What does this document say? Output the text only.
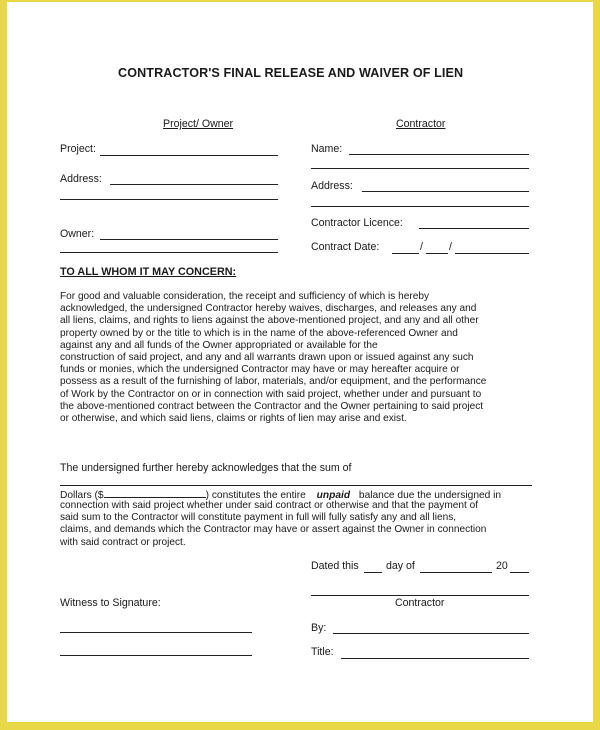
CONTRACTOR'S FINAL RELEASE AND WAIVER OF LIEN
Project/ Owner	Contractor
Project:
Address:
Owner:
Name:
Address:
Contractor Licence:
Contract Date:	/ /
TO ALL WHOM IT MAY CONCERN:
For good and valuable consideration, the receipt and sufficiency of which is hereby
acknowledged, the undersigned Contractor hereby waives, discharges, and releases any and
all liens, claims, and rights to liens against the above-mentioned project, and any and all other
property owned by or the title to which is in the name of the above-referenced Owner and
against any and all funds of the Owner appropriated or available for the
construction of said project, and any and all warrants drawn upon or issued against any such
funds or monies, which the undersigned Contractor may have or may hereafter acquire or
possess as a result of the furnishing of labor, materials, and/or equipment, and the performance
of Work by the Contractor on or in connection with said project, whether under and pursuant to
the above-mentioned contract between the Contractor and the Owner pertaining to said project
or otherwise, and which said liens, claims or rights of lien may arise and exist.
The undersigned further hereby acknowledges that the sum of
Dollars ($	) constitutes the entire unpaid balance due the undersigned in
connection with said project whether under said contract or otherwise and that the payment of
said sum to the Contractor will constitute payment in full will fully satisfy any and all liens,
claims, and demands which the Contractor may have or assert against the Owner in connection
with said contract or project.
Dated this	day of	20
Contractor
Witness to Signature:
By:
Title:
